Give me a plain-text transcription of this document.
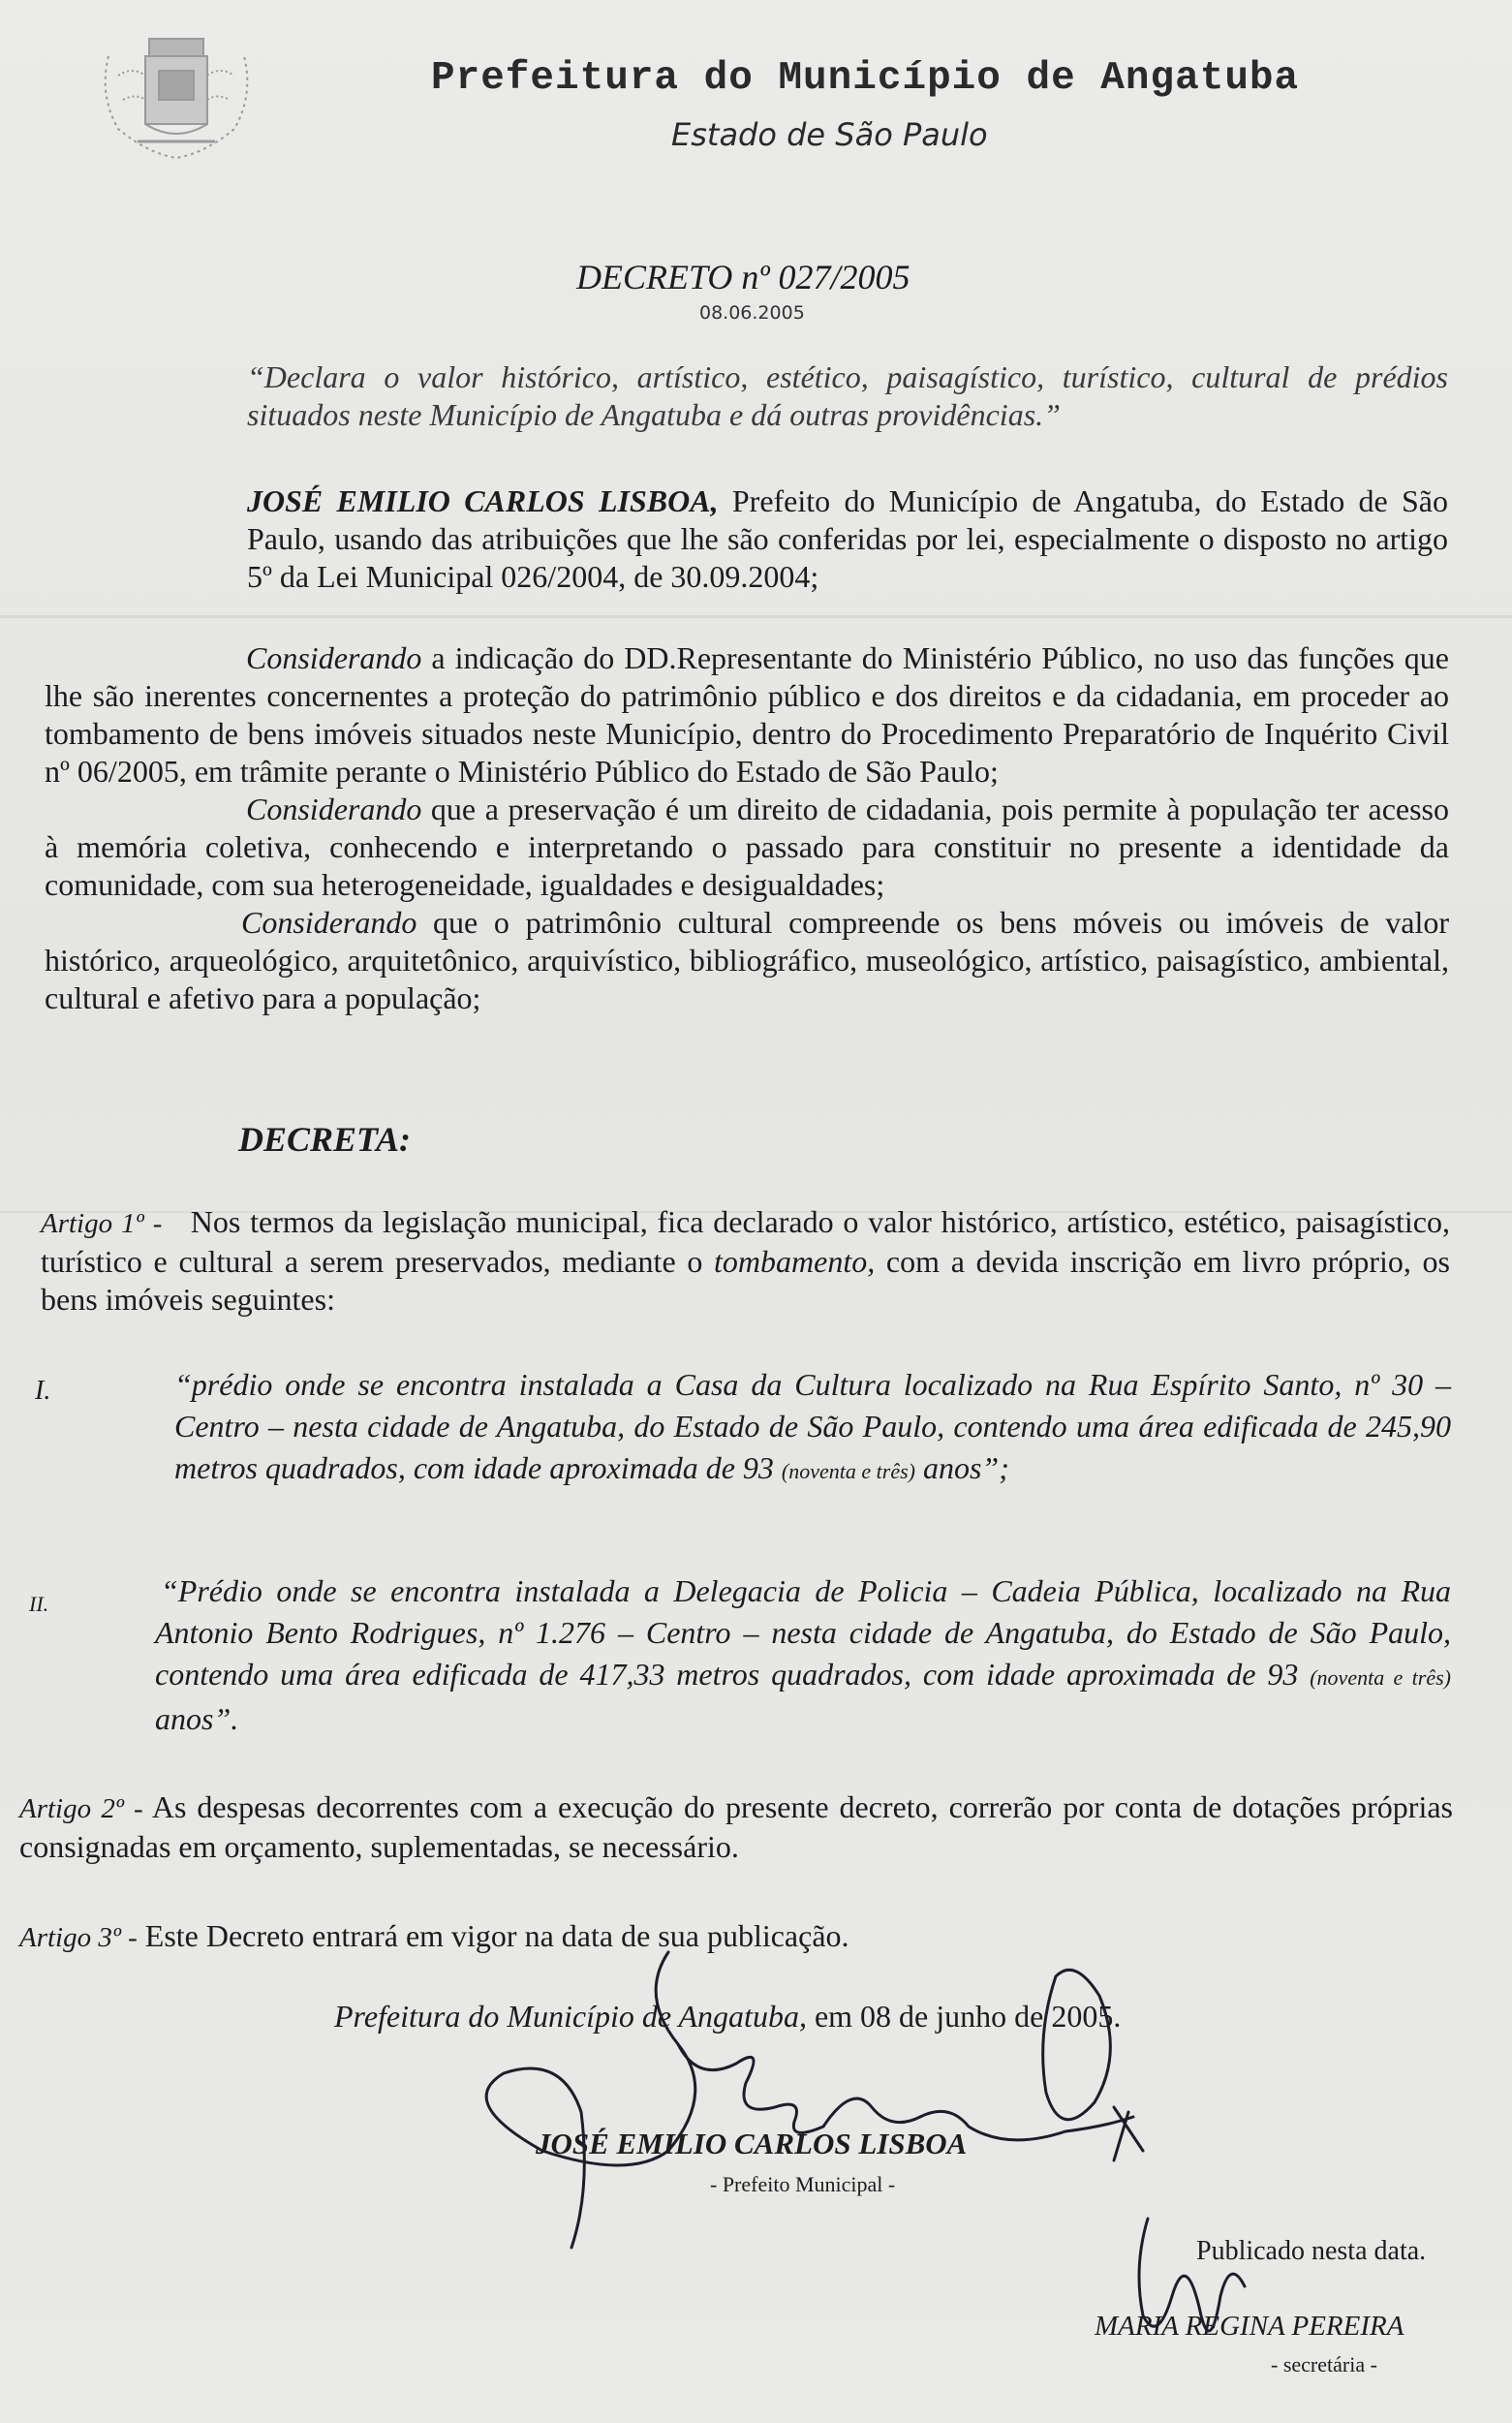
Prefeitura do Município de Angatuba
Estado de São Paulo
DECRETO nº 027/2005
08.06.2005
“Declara o valor histórico, artístico, estético, paisagístico, turístico, cultural de prédios situados neste Município de Angatuba e dá outras providências.”
JOSÉ EMILIO CARLOS LISBOA, Prefeito do Município de Angatuba, do Estado de São Paulo, usando das atribuições que lhe são conferidas por lei, especialmente o disposto no artigo 5º da Lei Municipal 026/2004, de 30.09.2004;
Considerando a indicação do DD.Representante do Ministério Público, no uso das funções que lhe são inerentes concernentes a proteção do patrimônio público e dos direitos e da cidadania, em proceder ao tombamento de bens imóveis situados neste Município, dentro do Procedimento Preparatório de Inquérito Civil nº 06/2005, em trâmite perante o Ministério Público do Estado de São Paulo;
Considerando que a preservação é um direito de cidadania, pois permite à população ter acesso à memória coletiva, conhecendo e interpretando o passado para constituir no presente a identidade da comunidade, com sua heterogeneidade, igualdades e desigualdades;
Considerando que o patrimônio cultural compreende os bens móveis ou imóveis de valor histórico, arqueológico, arquitetônico, arquivístico, bibliográfico, museológico, artístico, paisagístico, ambiental, cultural e afetivo para a população;
DECRETA:
Artigo 1º - Nos termos da legislação municipal, fica declarado o valor histórico, artístico, estético, paisagístico, turístico e cultural a serem preservados, mediante o tombamento, com a devida inscrição em livro próprio, os bens imóveis seguintes:
I.	“prédio onde se encontra instalada a Casa da Cultura localizado na Rua Espírito Santo, nº 30 – Centro – nesta cidade de Angatuba, do Estado de São Paulo, contendo uma área edificada de 245,90 metros quadrados, com idade aproximada de 93 (noventa e três) anos”;
II.	“Prédio onde se encontra instalada a Delegacia de Policia – Cadeia Pública, localizado na Rua Antonio Bento Rodrigues, nº 1.276 – Centro – nesta cidade de Angatuba, do Estado de São Paulo, contendo uma área edificada de 417,33 metros quadrados, com idade aproximada de 93 (noventa e três) anos”.
Artigo 2º - As despesas decorrentes com a execução do presente decreto, correrão por conta de dotações próprias consignadas em orçamento, suplementadas, se necessário.
Artigo 3º - Este Decreto entrará em vigor na data de sua publicação.
Prefeitura do Município de Angatuba, em 08 de junho de 2005.
JOSÉ EMILIO CARLOS LISBOA
- Prefeito Municipal -
Publicado nesta data.
MARIA REGINA PEREIRA
- secretária -
